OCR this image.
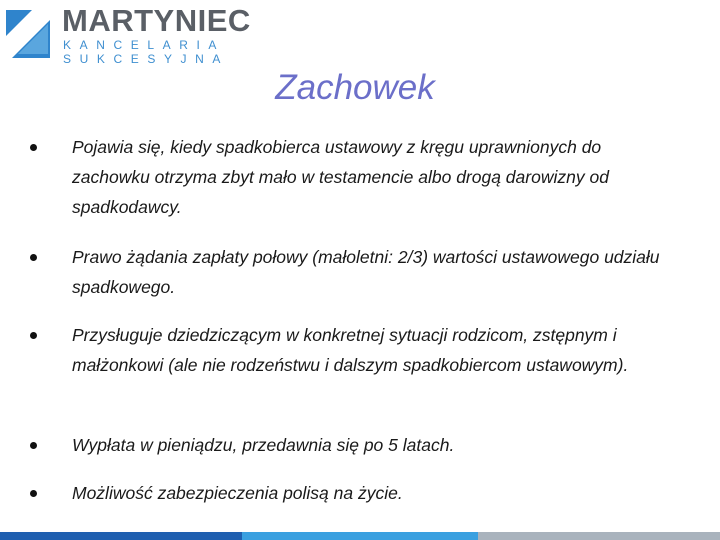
MARTYNIEC
KANCELARIA
SUKCESYJNA
Zachowek
Pojawia się, kiedy spadkobierca ustawowy z kręgu uprawnionych do zachowku otrzyma zbyt mało w testamencie albo drogą darowizny od spadkodawcy.
Prawo żądania zapłaty połowy (małoletni: 2/3) wartości ustawowego udziału spadkowego.
Przysługuje dziedziczącym w konkretnej sytuacji rodzicom, zstępnym i małżonkowi (ale nie rodzeństwu i dalszym spadkobiercom ustawowym).
Wypłata w pieniądzu, przedawnia się po 5 latach.
Możliwość zabezpieczenia polisą na życie.
